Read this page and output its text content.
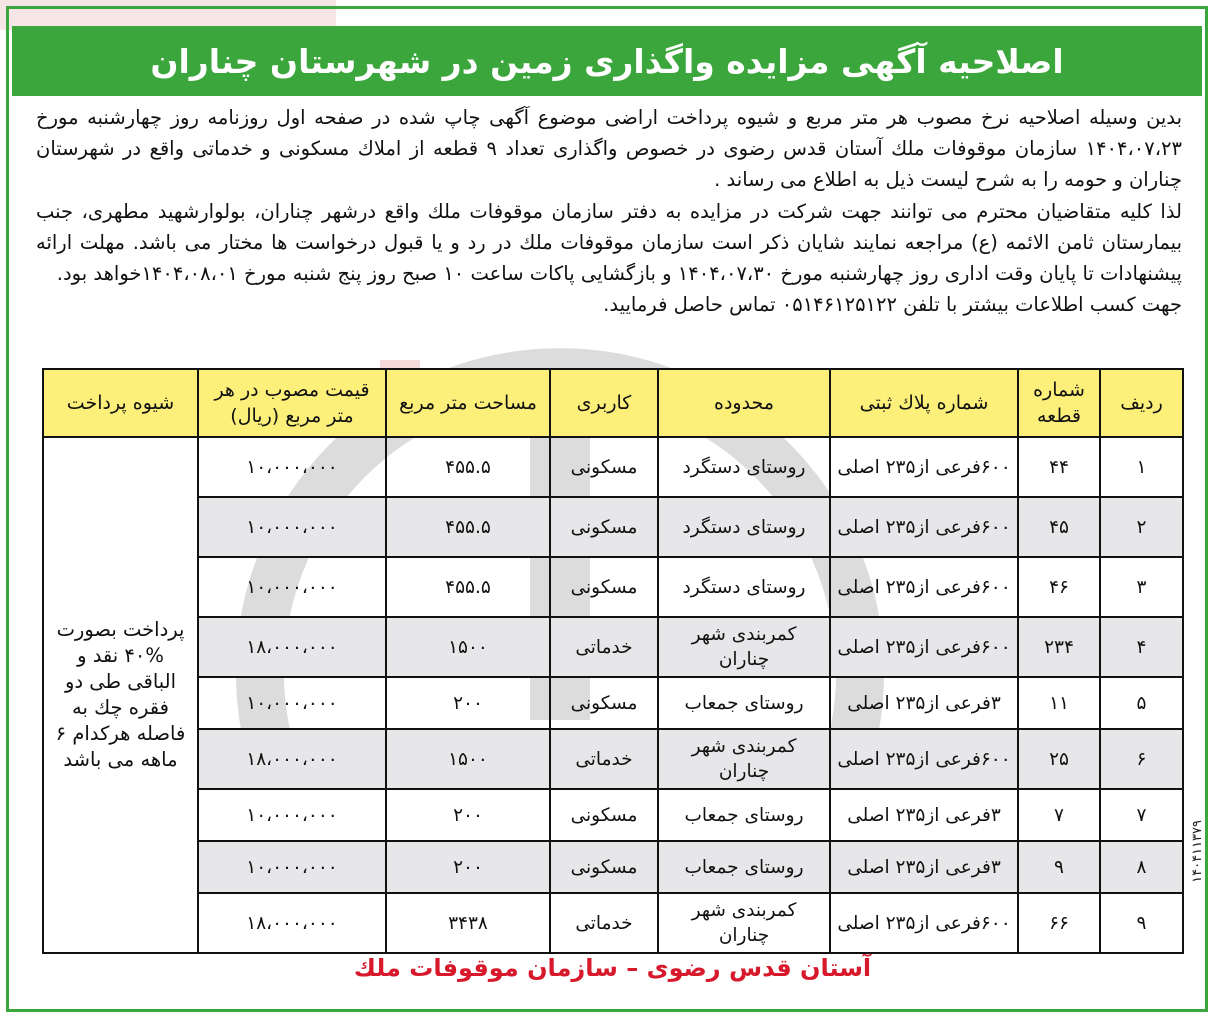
اصلاحیه آگهی مزایده واگذاری زمین در شهرستان چناران

بدین وسیله اصلاحیه نرخ مصوب هر متر مربع و شیوه پرداخت اراضی موضوع آگهی چاپ شده در صفحه اول روزنامه روز چهارشنبه مورخ ۱۴۰۴،۰۷،۲۳ سازمان موقوفات ملك آستان قدس رضوی در خصوص واگذاری تعداد ۹ قطعه از املاك مسكونی و خدماتی واقع در شهرستان چناران و حومه را به شرح لیست ذیل به اطلاع می رساند .

لذا كلیه متقاضیان محترم می توانند جهت شركت در مزایده به دفتر سازمان موقوفات ملك واقع درشهر چناران، بولوارشهید مطهری، جنب بیمارستان ثامن الائمه (ع) مراجعه نمایند شایان ذكر است سازمان موقوفات ملك در رد و یا قبول درخواست ها مختار می باشد. مهلت ارائه پیشنهادات تا پایان وقت اداری روز چهارشنبه مورخ ۱۴۰۴،۰۷،۳۰ و بازگشایی پاكات ساعت ۱۰ صبح روز پنج شنبه مورخ ۱۴۰۴،۰۸،۰۱خواهد بود.

جهت كسب اطلاعات بیشتر با تلفن ۰۵۱۴۶۱۲۵۱۲۲ تماس حاصل فرمایید.

ردیف	شماره قطعه	شماره پلاك ثبتی	محدوده	كاربری	مساحت متر مربع	قیمت مصوب در هر متر مربع (ریال)	شیوه پرداخت
۱	۴۴	۶۰۰فرعی از۲۳۵ اصلی	روستای دستگرد	مسكونی	۴۵۵.۵	۱۰،۰۰۰،۰۰۰	پرداخت بصورت %۴۰ نقد و الباقی طی دو فقره چك به فاصله هركدام ۶ ماهه می باشد
۲	۴۵	۶۰۰فرعی از۲۳۵ اصلی	روستای دستگرد	مسكونی	۴۵۵.۵	۱۰،۰۰۰،۰۰۰	
۳	۴۶	۶۰۰فرعی از۲۳۵ اصلی	روستای دستگرد	مسكونی	۴۵۵.۵	۱۰،۰۰۰،۰۰۰	
۴	۲۳۴	۶۰۰فرعی از۲۳۵ اصلی	كمربندی شهر چناران	خدماتی	۱۵۰۰	۱۸،۰۰۰،۰۰۰	
۵	۱۱	۳فرعی از۲۳۵ اصلی	روستای جمعاب	مسكونی	۲۰۰	۱۰،۰۰۰،۰۰۰	
۶	۲۵	۶۰۰فرعی از۲۳۵ اصلی	كمربندی شهر چناران	خدماتی	۱۵۰۰	۱۸،۰۰۰،۰۰۰	
۷	۷	۳فرعی از۲۳۵ اصلی	روستای جمعاب	مسكونی	۲۰۰	۱۰،۰۰۰،۰۰۰	
۸	۹	۳فرعی از۲۳۵ اصلی	روستای جمعاب	مسكونی	۲۰۰	۱۰،۰۰۰،۰۰۰	
۹	۶۶	۶۰۰فرعی از۲۳۵ اصلی	كمربندی شهر چناران	خدماتی	۳۴۳۸	۱۸،۰۰۰،۰۰۰	
آستان قدس رضوی – سازمان موقوفات ملك
۱۴۰۴۱۱۳۷۹
